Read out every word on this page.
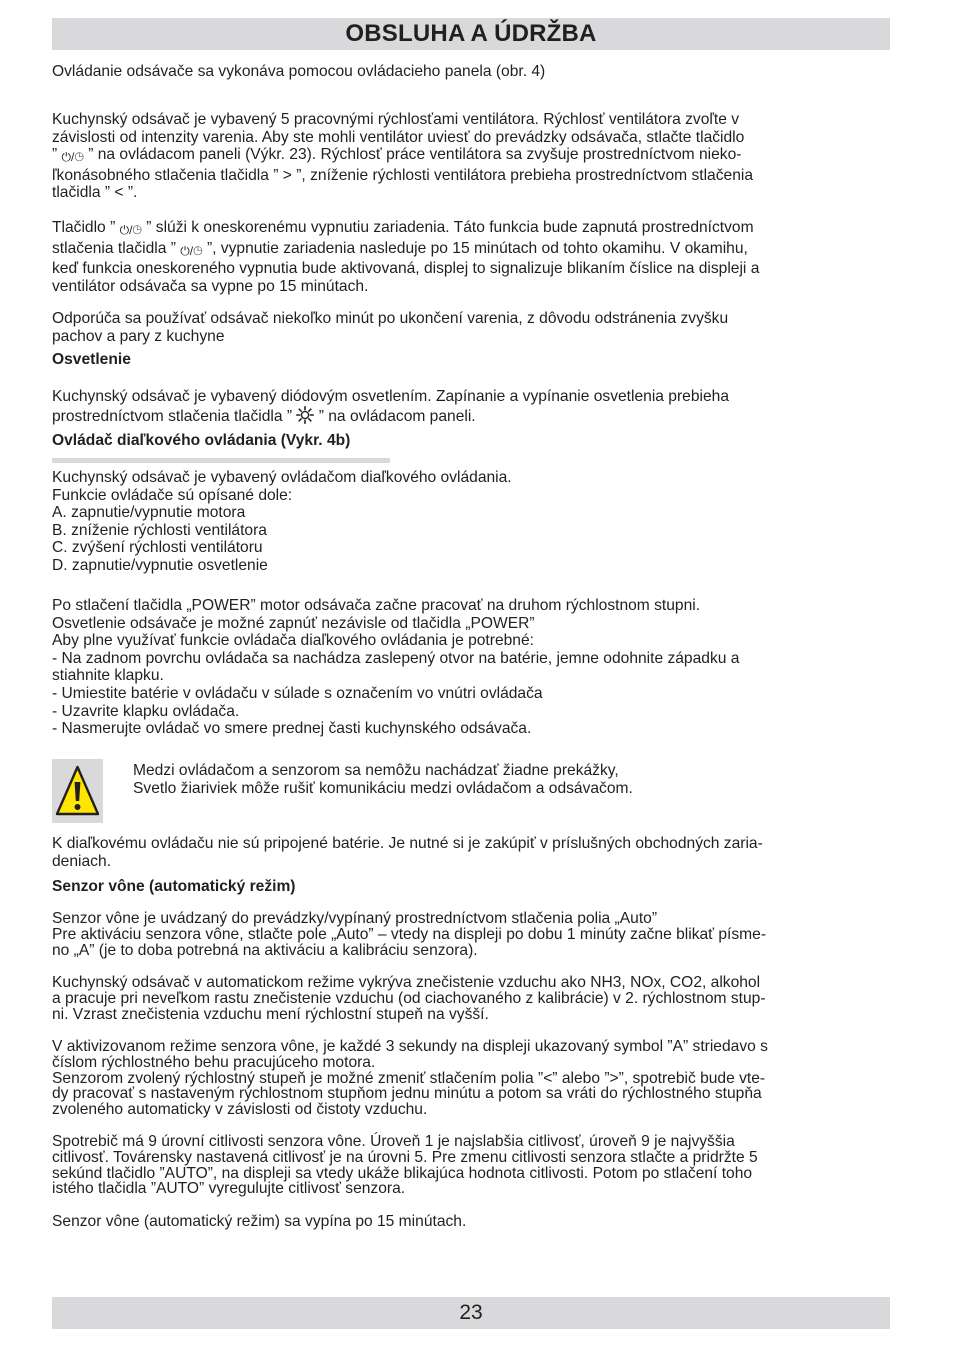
OBSLUHA A ÚDRŽBA

Ovládanie odsávače sa vykonáva pomocou ovládacieho panela (obr. 4)

Kuchynský odsávač je vybavený 5 pracovnými rýchlosťami ventilátora. Rýchlosť ventilátora zvoľte v
závislosti od intenzity varenia. Aby ste mohli ventilátor uviesť do prevádzky odsávača, stlačte tlačidlo
” ⏻/◷ ” na ovládacom paneli (Výkr. 23). Rýchlosť práce ventilátora sa zvyšuje prostredníctvom nieko-
ľkonásobného stlačenia tlačidla ” > ”, zníženie rýchlosti ventilátora prebieha prostredníctvom stlačenia
tlačidla ” < ”.

Tlačidlo ” ⏻/◷ ” slúži k oneskorenému vypnutiu zariadenia. Táto funkcia bude zapnutá prostredníctvom
stlačenia tlačidla ” ⏻/◷ ”, vypnutie zariadenia nasleduje po 15 minútach od tohto okamihu. V okamihu,
keď funkcia oneskoreného vypnutia bude aktivovaná, displej to signalizuje blikaním číslice na displeji a
ventilátor odsávača sa vypne po 15 minútach.

Odporúča sa používať odsávač niekoľko minút po ukončení varenia, z dôvodu odstránenia zvyšku
pachov a pary z kuchyne

Osvetlenie

Kuchynský odsávač je vybavený diódovým osvetlením. Zapínanie a vypínanie osvetlenia prebieha
prostredníctvom stlačenia tlačidla ”  ” na ovládacom paneli.

Ovládač diaľkového ovládania (Vykr. 4b)

Kuchynský odsávač je vybavený ovládačom diaľkového ovládania.
Funkcie ovládače sú opísané dole:
A. zapnutie/vypnutie motora
B. zníženie rýchlosti ventilátora
C. zvýšení rýchlosti ventilátoru
D. zapnutie/vypnutie osvetlenie

Po stlačení tlačidla „POWER” motor odsávača začne pracovať na druhom rýchlostnom stupni.
Osvetlenie odsávače je možné zapnúť nezávisle od tlačidla „POWER”
Aby plne využívať funkcie ovládača diaľkového ovládania je potrebné:
- Na zadnom povrchu ovládača sa nachádza zaslepený otvor na batérie, jemne odohnite západku a
stiahnite klapku.
- Umiestite batérie v ovládaču v súlade s označením vo vnútri ovládača
- Uzavrite klapku ovládača.
- Nasmerujte ovládač vo smere prednej časti kuchynského odsávača.

Medzi ovládačom a senzorom sa nemôžu nachádzať žiadne prekážky,
Svetlo žiariviek môže rušiť komunikáciu medzi ovládačom a odsávačom.

K diaľkovému ovládaču nie sú pripojené batérie. Je nutné si je zakúpiť v príslušných obchodných zaria-
deniach.

Senzor vône (automatický režim)

Senzor vône je uvádzaný do prevádzky/vypínaný prostredníctvom stlačenia polia „Auto”
Pre aktiváciu senzora vône, stlačte pole „Auto” – vtedy na displeji po dobu 1 minúty začne blikať písme-
no „A” (je to doba potrebná na aktiváciu a kalibráciu senzora).

Kuchynský odsávač v automatickom režime vykrývа znečistenie vzduchu ako NH3, NOx, CO2, alkohol
a pracuje pri nevеľkom rastu znečistenie vzduchu (od ciachovaného z kalibrácie) v 2. rýchlostnom stup-
ni. Vzrast znečistenia vzduchu mení rýchlostní stupeň na vyšší.

V aktivizovanom režime senzora vône, je každé 3 sekundy na displeji ukazovaný symbol ”A” striedavo s
číslom rýchlostného behu pracujúceho motora.
Senzorom zvolený rýchlostný stupeň je možné zmeniť stlačením polia ”<” alebo ”>”, spotrebič bude vte-
dy pracovať s nastaveným rýchlostnom stupňom jednu minútu a potom sa vráti do rýchlostného stupňa
zvoleného automaticky v závislosti od čistoty vzduchu.

Spotrebič má 9 úrovní citlivosti senzora vône. Úroveň 1 je najslabšia citlivosť, úroveň 9 je najvyššia
citlivosť. Továrensky nastavená citlivosť je na úrovni 5. Pre zmenu citlivosti senzora stlačte a pridržte 5
sekúnd tlačidlo ”AUTO”, na displeji sa vtedy ukáže blikajúca hodnota citlivosti. Potom po stlačení toho
istého tlačidla ”AUTO” vyregulujte citlivosť senzora.

Senzor vône (automatický režim) sa vypína po 15 minútach.

23
